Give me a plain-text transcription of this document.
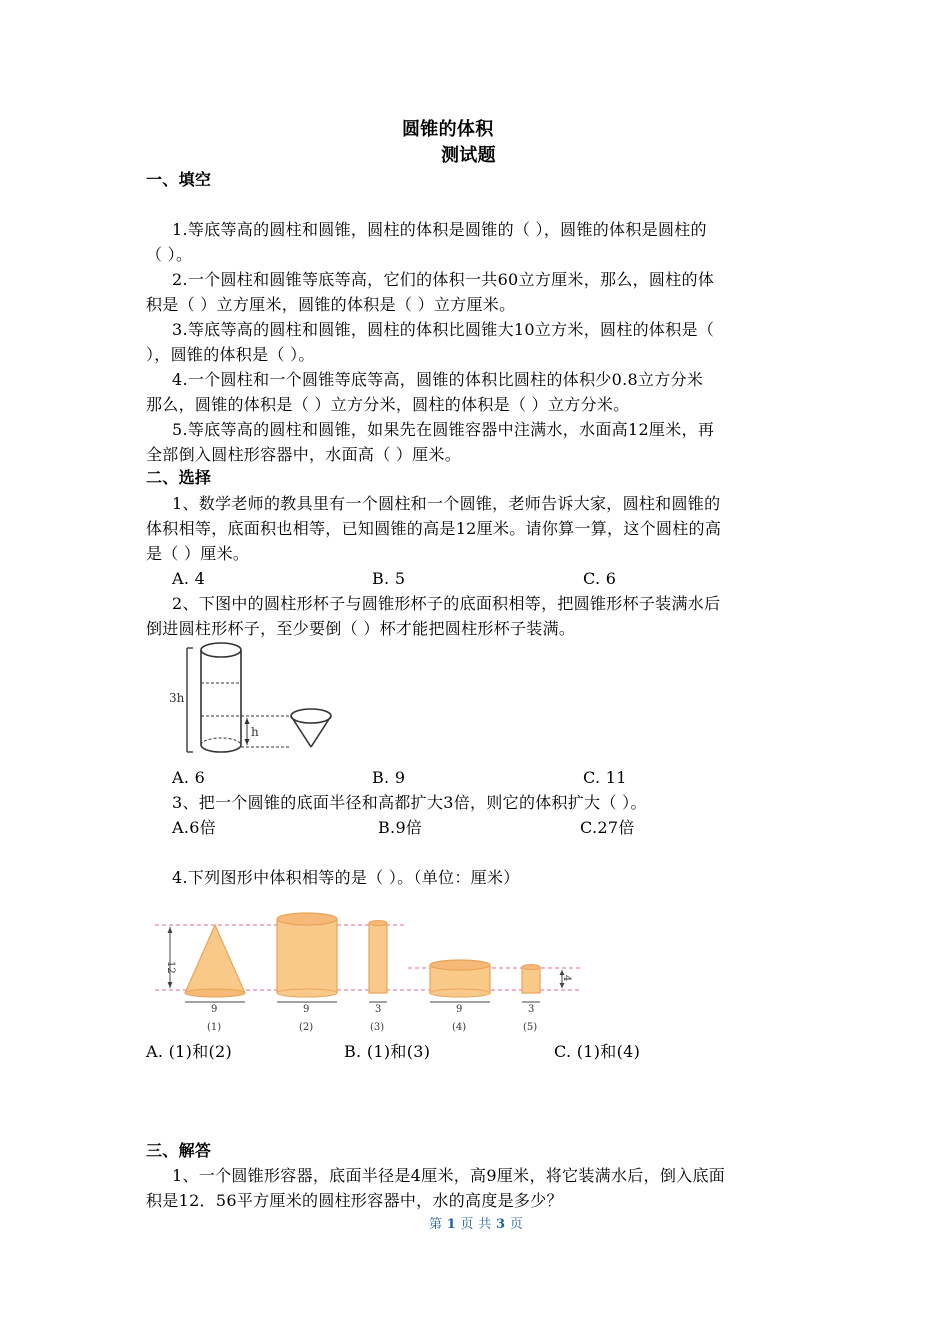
圆锥的体积
测试题
一、填空
1.等底等高的圆柱和圆锥，圆柱的体积是圆锥的（ ），圆锥的体积是圆柱的
（ ）。
2.一个圆柱和圆锥等底等高，它们的体积一共60立方厘米，那么，圆柱的体
积是（ ）立方厘米，圆锥的体积是（ ）立方厘米。
3.等底等高的圆柱和圆锥，圆柱的体积比圆锥大10立方米，圆柱的体积是（
），圆锥的体积是（ ）。
4.一个圆柱和一个圆锥等底等高，圆锥的体积比圆柱的体积少0.8立方分米
那么，圆锥的体积是（ ）立方分米，圆柱的体积是（ ）立方分米。
5.等底等高的圆柱和圆锥，如果先在圆锥容器中注满水，水面高12厘米，再
全部倒入圆柱形容器中，水面高（ ）厘米。
二、选择
1、数学老师的教具里有一个圆柱和一个圆锥，老师告诉大家，圆柱和圆锥的
体积相等，底面积也相等，已知圆锥的高是12厘米。请你算一算，这个圆柱的高
是（ ）厘米。
A. 4	B. 5	C. 6
2、下图中的圆柱形杯子与圆锥形杯子的底面积相等，把圆锥形杯子装满水后
倒进圆柱形杯子，至少要倒（ ）杯才能把圆柱形杯子装满。
3h
h
A. 6	B. 9	C. 11
3、把一个圆锥的底面半径和高都扩大3倍，则它的体积扩大（ ）。
A.6倍	B.9倍	C.27倍
4.下列图形中体积相等的是（ ）。（单位：厘米）
12
4
9	9	3	9	3
(1)	(2)	(3)	(4)	(5)
A. (1)和(2)	B. (1)和(3)	C. (1)和(4)
三、解答
1、一个圆锥形容器，底面半径是4厘米，高9厘米，将它装满水后，倒入底面
积是12．56平方厘米的圆柱形容器中，水的高度是多少？
第 1 页 共 3 页
